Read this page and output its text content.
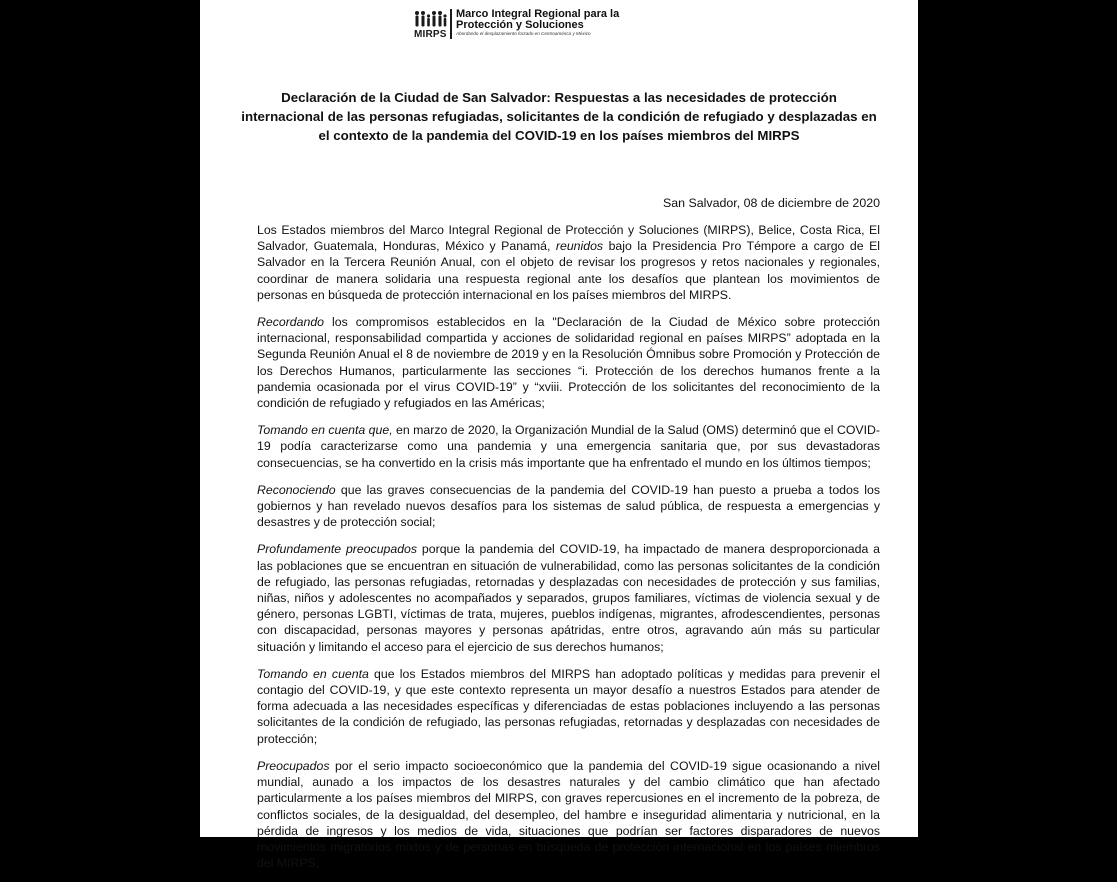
MIRPS
Marco Integral Regional para la
Protección y Soluciones
Abordando el desplazamiento forzado en Centroamérica y México
Declaración de la Ciudad de San Salvador: Respuestas a las necesidades de protección internacional de las personas refugiadas, solicitantes de la condición de refugiado y desplazadas en el contexto de la pandemia del COVID-19 en los países miembros del MIRPS
San Salvador, 08 de diciembre de 2020

Los Estados miembros del Marco Integral Regional de Protección y Soluciones (MIRPS), Belice, Costa Rica, El Salvador, Guatemala, Honduras, México y Panamá, reunidos bajo la Presidencia Pro Témpore a cargo de El Salvador en la Tercera Reunión Anual, con el objeto de revisar los progresos y retos nacionales y regionales, coordinar de manera solidaria una respuesta regional ante los desafíos que plantean los movimientos de personas en búsqueda de protección internacional en los países miembros del MIRPS.

Recordando los compromisos establecidos en la "Declaración de la Ciudad de México sobre protección internacional, responsabilidad compartida y acciones de solidaridad regional en países MIRPS” adoptada en la Segunda Reunión Anual el 8 de noviembre de 2019 y en la Resolución Ómnibus sobre Promoción y Protección de los Derechos Humanos, particularmente las secciones “i. Protección de los derechos humanos frente a la pandemia ocasionada por el virus COVID-19” y “xviii. Protección de los solicitantes del reconocimiento de la condición de refugiado y refugiados en las Américas;

Tomando en cuenta que, en marzo de 2020, la Organización Mundial de la Salud (OMS) determinó que el COVID-19 podía caracterizarse como una pandemia y una emergencia sanitaria que, por sus devastadoras consecuencias, se ha convertido en la crisis más importante que ha enfrentado el mundo en los últimos tiempos;

Reconociendo que las graves consecuencias de la pandemia del COVID-19 han puesto a prueba a todos los gobiernos y han revelado nuevos desafíos para los sistemas de salud pública, de respuesta a emergencias y desastres y de protección social;

Profundamente preocupados porque la pandemia del COVID-19, ha impactado de manera desproporcionada a las poblaciones que se encuentran en situación de vulnerabilidad, como las personas solicitantes de la condición de refugiado, las personas refugiadas, retornadas y desplazadas con necesidades de protección y sus familias, niñas, niños y adolescentes no acompañados y separados, grupos familiares, víctimas de violencia sexual y de género, personas LGBTI, víctimas de trata, mujeres, pueblos indígenas, migrantes, afrodescendientes, personas con discapacidad, personas mayores y personas apátridas, entre otros, agravando aún más su particular situación y limitando el acceso para el ejercicio de sus derechos humanos;

Tomando en cuenta que los Estados miembros del MIRPS han adoptado políticas y medidas para prevenir el contagio del COVID-19, y que este contexto representa un mayor desafío a nuestros Estados para atender de forma adecuada a las necesidades específicas y diferenciadas de estas poblaciones incluyendo a las personas solicitantes de la condición de refugiado, las personas refugiadas, retornadas y desplazadas con necesidades de protección;

Preocupados por el serio impacto socioeconómico que la pandemia del COVID-19 sigue ocasionando a nivel mundial, aunado a los impactos de los desastres naturales y del cambio climático que han afectado particularmente a los países miembros del MIRPS, con graves repercusiones en el incremento de la pobreza, de conflictos sociales, de la desigualdad, del desempleo, del hambre e inseguridad alimentaria y nutricional, en la pérdida de ingresos y los medios de vida, situaciones que podrían ser factores disparadores de nuevos movimientos migratorios mixtos y de personas en búsqueda de protección internacional en los países miembros del MIRPS;
